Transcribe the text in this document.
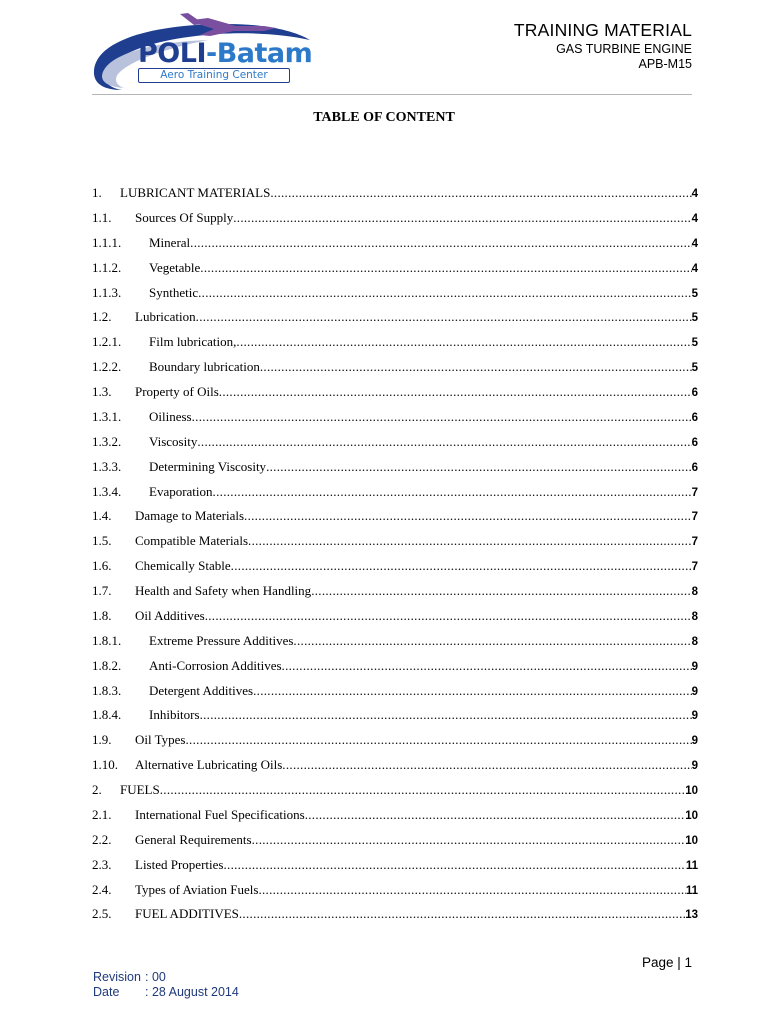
POLI-Batam
Aero Training Center
TRAINING MATERIAL
GAS TURBINE ENGINE
APB-M15
TABLE OF CONTENT
1. LUBRICANT MATERIALS .....	4
1.1. Sources Of Supply .....	4
1.1.1. Mineral .....	4
1.1.2. Vegetable .....	4
1.1.3. Synthetic .....	5
1.2. Lubrication .....	5
1.2.1. Film lubrication, .....	5
1.2.2. Boundary lubrication .....	5
1.3. Property of Oils .....	6
1.3.1. Oiliness .....	6
1.3.2. Viscosity .....	6
1.3.3. Determining Viscosity .....	6
1.3.4. Evaporation .....	7
1.4. Damage to Materials .....	7
1.5. Compatible Materials .....	7
1.6. Chemically Stable .....	7
1.7. Health and Safety when Handling .....	8
1.8. Oil Additives .....	8
1.8.1. Extreme Pressure Additives .....	8
1.8.2. Anti-Corrosion Additives .....	9
1.8.3. Detergent Additives .....	9
1.8.4. Inhibitors .....	9
1.9. Oil Types .....	9
1.10. Alternative Lubricating Oils .....	9
2. FUELS .....	10
2.1. International Fuel Specifications .....	10
2.2. General Requirements .....	10
2.3. Listed Properties .....	11
2.4. Types of Aviation Fuels .....	11
2.5. FUEL ADDITIVES .....	13
Page | 1
Revision : 00
Date : 28 August 2014
